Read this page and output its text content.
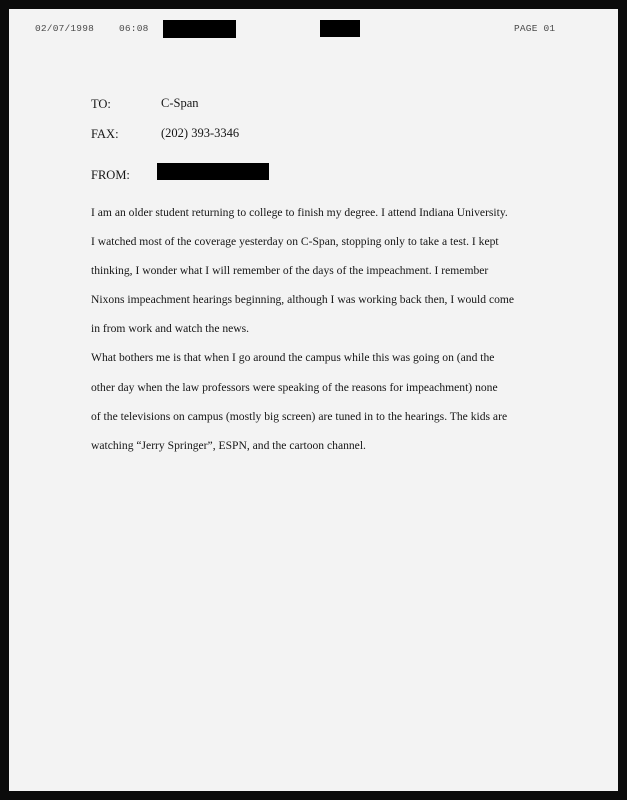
02/07/1998	06:08	PAGE 01
TO:	C-Span
FAX:	(202) 393-3346
FROM:
I am an older student returning to college to finish my degree. I attend Indiana University.
I watched most of the coverage yesterday on C-Span, stopping only to take a test. I kept
thinking, I wonder what I will remember of the days of the impeachment. I remember
Nixons impeachment hearings beginning, although I was working back then, I would come
in from work and watch the news.
What bothers me is that when I go around the campus while this was going on (and the
other day when the law professors were speaking of the reasons for impeachment) none
of the televisions on campus (mostly big screen) are tuned in to the hearings. The kids are
watching “Jerry Springer”, ESPN, and the cartoon channel.
